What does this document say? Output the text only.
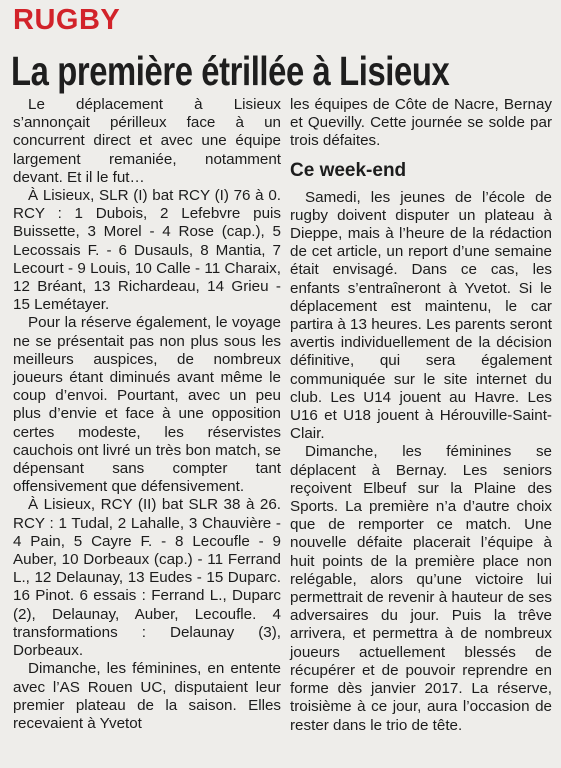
RUGBY
La première étrillée à Lisieux

Le déplacement à Lisieux s’annonçait périlleux face à un concurrent direct et avec une équipe largement remaniée, notamment devant. Et il le fut…

À Lisieux, SLR (I) bat RCY (I) 76 à 0. RCY : 1 Dubois, 2 Lefebvre puis Buissette, 3 Morel - 4 Rose (cap.), 5 Lecossais F. - 6 Dusauls, 8 Mantia, 7 Lecourt - 9 Louis, 10 Calle - 11 Charaix, 12 Bréant, 13 Richardeau, 14 Grieu - 15 Lemétayer.

Pour la réserve également, le voyage ne se présentait pas non plus sous les meilleurs auspices, de nombreux joueurs étant diminués avant même le coup d’envoi. Pourtant, avec un peu plus d’envie et face à une opposition certes modeste, les réservistes cauchois ont livré un très bon match, se dépensant sans compter tant offensivement que défensivement.

À Lisieux, RCY (II) bat SLR 38 à 26. RCY : 1 Tudal, 2 Lahalle, 3 Chauvière - 4 Pain, 5 Cayre F. - 8 Lecoufle - 9 Auber, 10 Dorbeaux (cap.) - 11 Ferrand L., 12 Delaunay, 13 Eudes - 15 Duparc. 16 Pinot. 6 essais : Ferrand L., Duparc (2), Delaunay, Auber, Lecoufle. 4 transformations : Delaunay (3), Dorbeaux.

Dimanche, les féminines, en entente avec l’AS Rouen UC, disputaient leur premier plateau de la saison. Elles recevaient à Yvetot

les équipes de Côte de Nacre, Bernay et Quevilly. Cette journée se solde par trois défaites.

Ce week-end

Samedi, les jeunes de l’école de rugby doivent disputer un plateau à Dieppe, mais à l’heure de la rédaction de cet article, un report d’une semaine était envisagé. Dans ce cas, les enfants s’entraîneront à Yvetot. Si le déplacement est maintenu, le car partira à 13 heures. Les parents seront avertis individuellement de la décision définitive, qui sera également communiquée sur le site internet du club. Les U14 jouent au Havre. Les U16 et U18 jouent à Hérouville-Saint-Clair.

Dimanche, les féminines se déplacent à Bernay. Les seniors reçoivent Elbeuf sur la Plaine des Sports. La première n’a d’autre choix que de remporter ce match. Une nouvelle défaite placerait l’équipe à huit points de la première place non relégable, alors qu’une victoire lui permettrait de revenir à hauteur de ses adversaires du jour. Puis la trêve arrivera, et permettra à de nombreux joueurs actuellement blessés de récupérer et de pouvoir reprendre en forme dès janvier 2017. La réserve, troisième à ce jour, aura l’occasion de rester dans le trio de tête.
